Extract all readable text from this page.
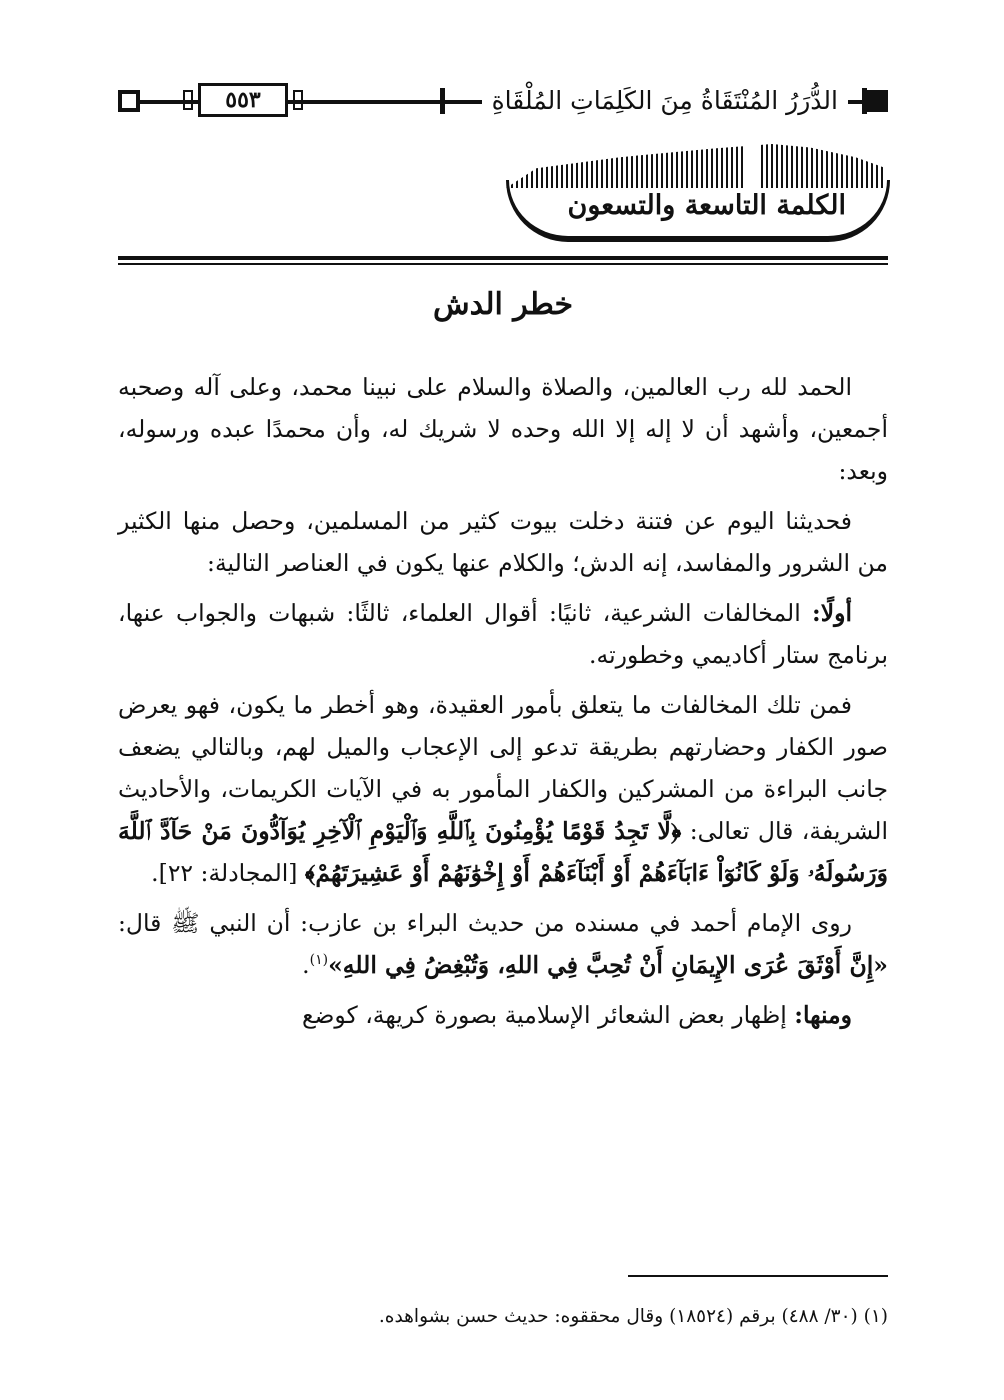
٥٥٣	الدُّرَرُ المُنْتَقَاةُ مِنَ الكَلِمَاتِ المُلْقَاةِ
الكلمة التاسعة والتسعون
خطر الدش

الحمد لله رب العالمين، والصلاة والسلام على نبينا محمد، وعلى آله وصحبه أجمعين، وأشهد أن لا إله إلا الله وحده لا شريك له، وأن محمدًا عبده ورسوله، وبعد:

فحديثنا اليوم عن فتنة دخلت بيوت كثير من المسلمين، وحصل منها الكثير من الشرور والمفاسد، إنه الدش؛ والكلام عنها يكون في العناصر التالية:

أولًا: المخالفات الشرعية، ثانيًا: أقوال العلماء، ثالثًا: شبهات والجواب عنها، برنامج ستار أكاديمي وخطورته.

فمن تلك المخالفات ما يتعلق بأمور العقيدة، وهو أخطر ما يكون، فهو يعرض صور الكفار وحضارتهم بطريقة تدعو إلى الإعجاب والميل لهم، وبالتالي يضعف جانب البراءة من المشركين والكفار المأمور به في الآيات الكريمات، والأحاديث الشريفة، قال تعالى: ﴿لَّا تَجِدُ قَوْمًا يُؤْمِنُونَ بِٱللَّهِ وَٱلْيَوْمِ ٱلْآخِرِ يُوَآدُّونَ مَنْ حَآدَّ ٱللَّهَ وَرَسُولَهُۥ وَلَوْ كَانُوٓاْ ءَابَآءَهُمْ أَوْ أَبْنَآءَهُمْ أَوْ إِخْوَٰنَهُمْ أَوْ عَشِيرَتَهُمْ﴾ [المجادلة: ٢٢].

روى الإمام أحمد في مسنده من حديث البراء بن عازب: أن النبي ﷺ قال: «إِنَّ أَوْثَقَ عُرَى الإِيمَانِ أَنْ تُحِبَّ فِي اللهِ، وَتُبْغِضُ فِي اللهِ»$^{(١)}$.

ومنها: إظهار بعض الشعائر الإسلامية بصورة كريهة، كوضع

(١) (٣٠/ ٤٨٨) برقم (١٨٥٢٤) وقال محققوه: حديث حسن بشواهده.
